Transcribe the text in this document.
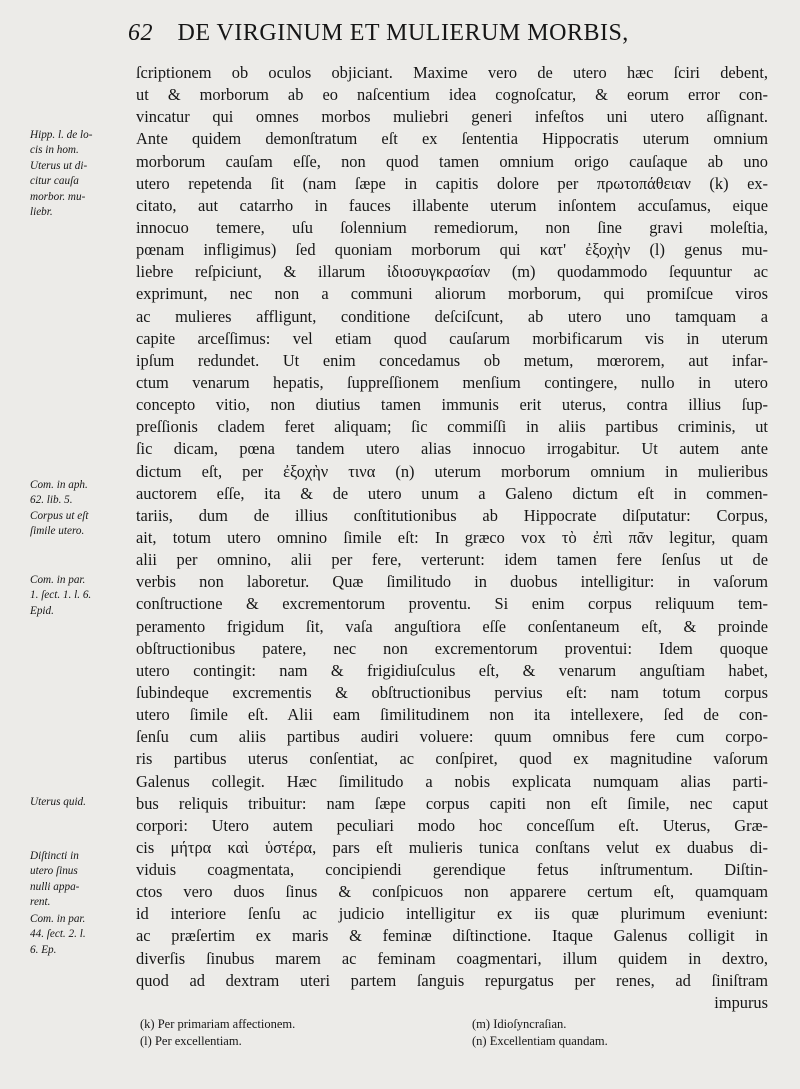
62 DE VIRGINUM ET MULIERUM MORBIS,
Hipp. l. de lo-
cis in hom.
Uterus ut di-
citur cauſa
morbor. mu-
liebr.
Com. in aph.
62. lib. 5.
Corpus ut eſt
ſimile utero.
Com. in par.
1. ſect. 1. l. 6.
Epid.
Uterus quid.
Diſtincti in
utero ſinus
nulli appa-
rent.
Com. in par.
44. ſect. 2. l.
6. Ep.
ſcriptionem ob oculos objiciant. Maxime vero de utero hæc ſciri debent,
ut & morborum ab eo naſcentium idea cognoſcatur, & eorum error con-
vincatur qui omnes morbos muliebri generi infeſtos uni utero aſſignant.
Ante quidem demonſtratum eſt ex ſententia Hippocratis uterum omnium
morborum cauſam eſſe, non quod tamen omnium origo cauſaque ab uno
utero repetenda ſit (nam ſæpe in capitis dolore per πρωτοπάθειαν (k) ex-
citato, aut catarrho in fauces illabente uterum inſontem accuſamus, eique
innocuo temere, uſu ſolennium remediorum, non ſine gravi moleſtia,
pœnam infligimus) ſed quoniam morborum qui κατ' ἐξοχὴν (l) genus mu-
liebre reſpiciunt, & illarum ἰδιοσυγκρασίαν (m) quodammodo ſequuntur ac
exprimunt, nec non a communi aliorum morborum, qui promiſcue viros
ac mulieres affligunt, conditione deſciſcunt, ab utero uno tamquam a
capite arceſſimus: vel etiam quod cauſarum morbificarum vis in uterum
ipſum redundet. Ut enim concedamus ob metum, mœrorem, aut infar-
ctum venarum hepatis, ſuppreſſionem menſium contingere, nullo in utero
concepto vitio, non diutius tamen immunis erit uterus, contra illius ſup-
preſſionis cladem feret aliquam; ſic commiſſi in aliis partibus criminis, ut
ſic dicam, pœna tandem utero alias innocuo irrogabitur. Ut autem ante
dictum eſt, per ἐξοχὴν τινα (n) uterum morborum omnium in mulieribus
auctorem eſſe, ita & de utero unum a Galeno dictum eſt in commen-
tariis, dum de illius conſtitutionibus ab Hippocrate diſputatur: Corpus,
ait, totum utero omnino ſimile eſt: In græco vox τὸ ἐπὶ πᾶν legitur, quam
alii per omnino, alii per fere, verterunt: idem tamen fere ſenſus ut de
verbis non laboretur. Quæ ſimilitudo in duobus intelligitur: in vaſorum
conſtructione & excrementorum proventu. Si enim corpus reliquum tem-
peramento frigidum ſit, vaſa anguſtiora eſſe conſentaneum eſt, & proinde
obſtructionibus patere, nec non excrementorum proventui: Idem quoque
utero contingit: nam & frigidiuſculus eſt, & venarum anguſtiam habet,
ſubindeque excrementis & obſtructionibus pervius eſt: nam totum corpus
utero ſimile eſt. Alii eam ſimilitudinem non ita intellexere, ſed de con-
ſenſu cum aliis partibus audiri voluere: quum omnibus fere cum corpo-
ris partibus uterus conſentiat, ac conſpiret, quod ex magnitudine vaſorum
Galenus collegit. Hæc ſimilitudo a nobis explicata numquam alias parti-
bus reliquis tribuitur: nam ſæpe corpus capiti non eſt ſimile, nec caput
corpori: Utero autem peculiari modo hoc conceſſum eſt. Uterus, Græ-
cis μήτρα καὶ ὑστέρα, pars eſt mulieris tunica conſtans velut ex duabus di-
viduis coagmentata, concipiendi gerendique fetus inſtrumentum. Diſtin-
ctos vero duos ſinus & conſpicuos non apparere certum eſt, quamquam
id interiore ſenſu ac judicio intelligitur ex iis quæ plurimum eveniunt:
ac præſertim ex maris & feminæ diſtinctione. Itaque Galenus colligit in
diverſis ſinubus marem ac feminam coagmentari, illum quidem in dextro,
quod ad dextram uteri partem ſanguis repurgatus per renes, ad ſiniſtram
impurus
(k) Per primariam affectionem.
(l) Per excellentiam.
(m) Idioſyncraſian.
(n) Excellentiam quandam.
